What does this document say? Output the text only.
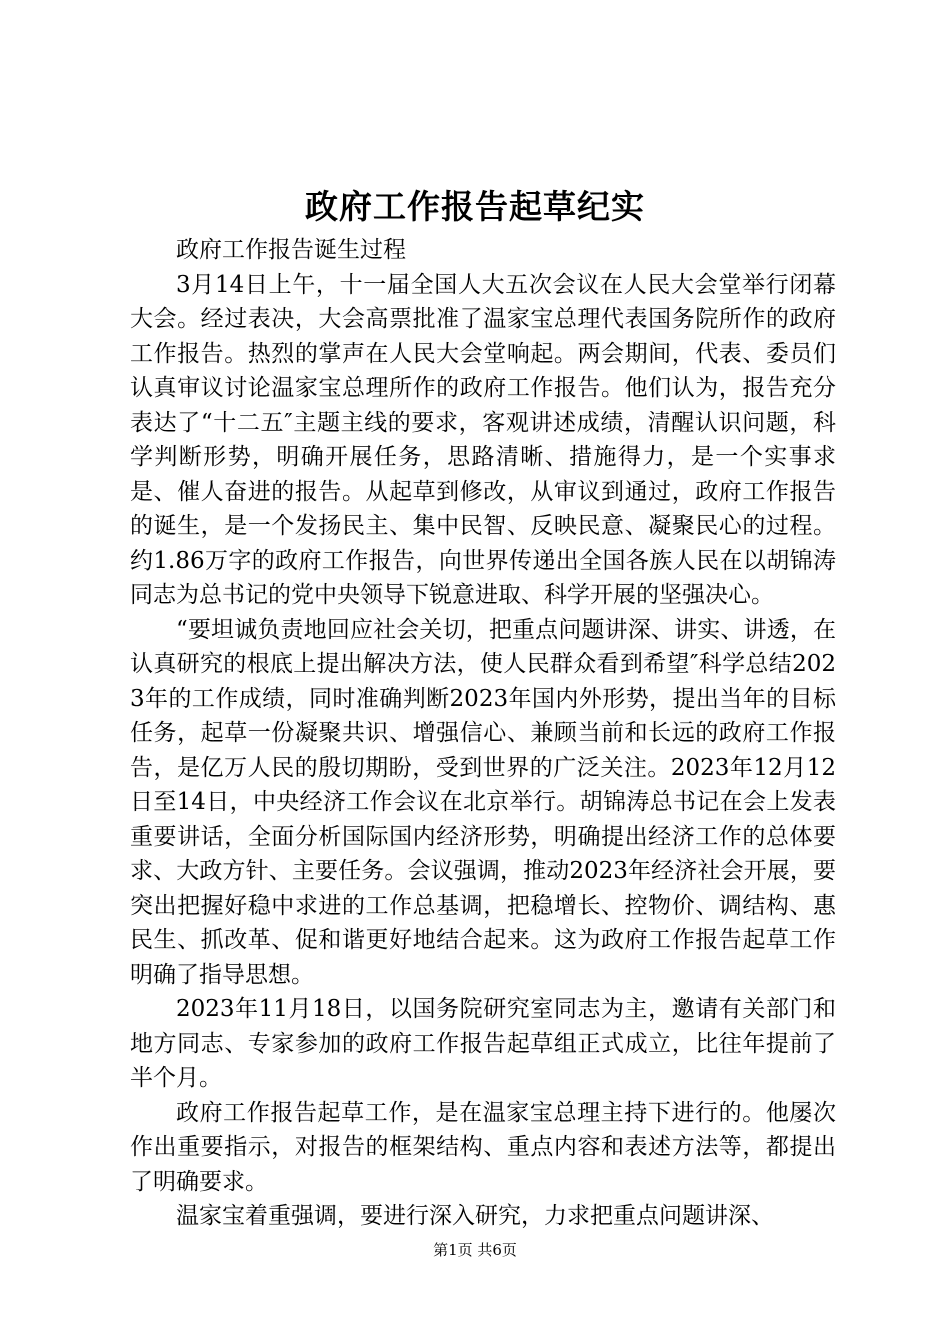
政府工作报告起草纪实

政府工作报告诞生过程

3月14日上午，十一届全国人大五次会议在人民大会堂举行闭幕大会。经过表决，大会高票批准了温家宝总理代表国务院所作的政府工作报告。热烈的掌声在人民大会堂响起。两会期间，代表、委员们认真审议讨论温家宝总理所作的政府工作报告。他们认为，报告充分表达了“十二五″主题主线的要求，客观讲述成绩，清醒认识问题，科学判断形势，明确开展任务，思路清晰、措施得力，是一个实事求是、催人奋进的报告。从起草到修改，从审议到通过，政府工作报告的诞生，是一个发扬民主、集中民智、反映民意、凝聚民心的过程。约1.86万字的政府工作报告，向世界传递出全国各族人民在以胡锦涛同志为总书记的党中央领导下锐意进取、科学开展的坚强决心。

“要坦诚负责地回应社会关切，把重点问题讲深、讲实、讲透，在认真研究的根底上提出解决方法，使人民群众看到希望″科学总结2023年的工作成绩，同时准确判断2023年国内外形势，提出当年的目标任务，起草一份凝聚共识、增强信心、兼顾当前和长远的政府工作报告，是亿万人民的殷切期盼，受到世界的广泛关注。2023年12月12日至14日，中央经济工作会议在北京举行。胡锦涛总书记在会上发表重要讲话，全面分析国际国内经济形势，明确提出经济工作的总体要求、大政方针、主要任务。会议强调，推动2023年经济社会开展，要突出把握好稳中求进的工作总基调，把稳增长、控物价、调结构、惠民生、抓改革、促和谐更好地结合起来。这为政府工作报告起草工作明确了指导思想。

2023年11月18日，以国务院研究室同志为主，邀请有关部门和地方同志、专家参加的政府工作报告起草组正式成立，比往年提前了半个月。

政府工作报告起草工作，是在温家宝总理主持下进行的。他屡次作出重要指示，对报告的框架结构、重点内容和表述方法等，都提出了明确要求。

温家宝着重强调，要进行深入研究，力求把重点问题讲深、

第1页 共6页
